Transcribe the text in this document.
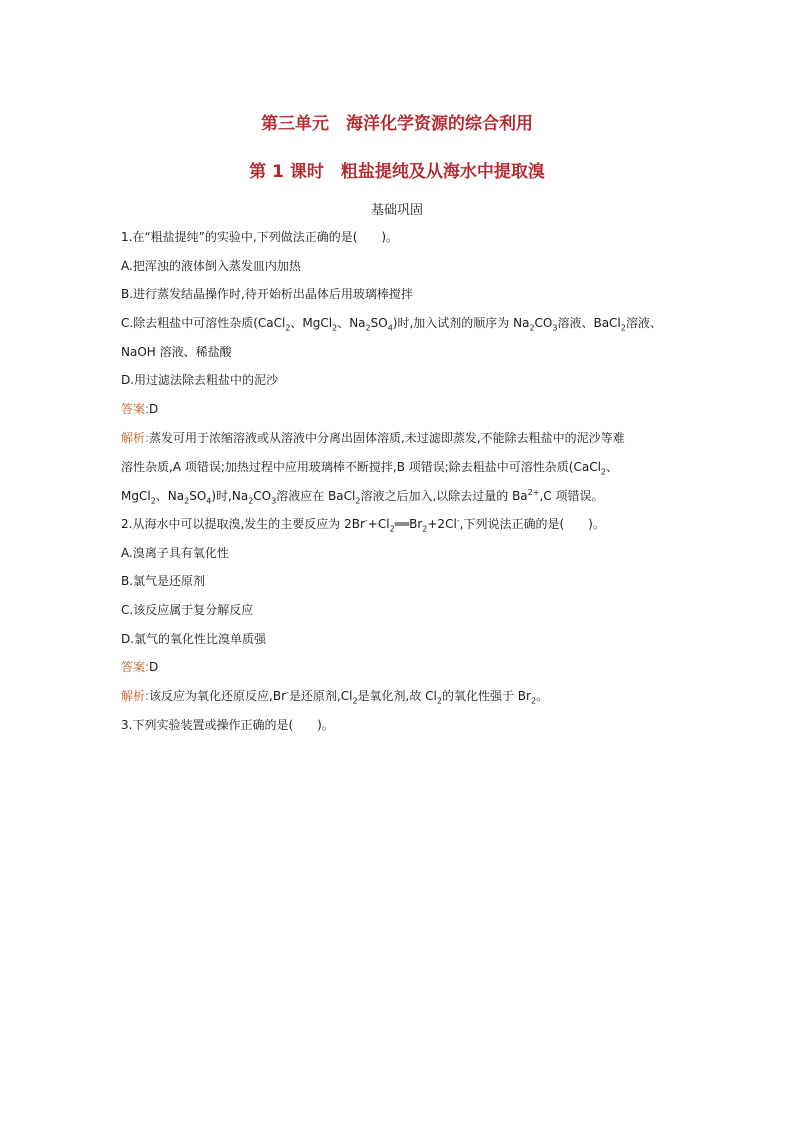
第三单元　海洋化学资源的综合利用
第 1 课时　粗盐提纯及从海水中提取溴
基础巩固
1.在“粗盐提纯”的实验中,下列做法正确的是(　　)。
A.把浑浊的液体倒入蒸发皿内加热
B.进行蒸发结晶操作时,待开始析出晶体后用玻璃棒搅拌
C.除去粗盐中可溶性杂质(CaCl$_2$、MgCl$_2$、$Na_2SO_4$)时,加入试剂的顺序为 $Na_2CO_3$溶液、BaCl$_2$溶液、
NaOH 溶液、稀盐酸
D.用过滤法除去粗盐中的泥沙
答案:D
解析:蒸发可用于浓缩溶液或从溶液中分离出固体溶质,未过滤即蒸发,不能除去粗盐中的泥沙等难
溶性杂质,A 项错误;加热过程中应用玻璃棒不断搅拌,B 项错误;除去粗盐中可溶性杂质(CaCl$_2$、
MgCl$_2$、$Na_2SO_4$)时$,Na_2CO_3$溶液应在 BaCl$_2$溶液之后加入,以除去过量的 $Ba^{2+},C$ 项错误。
2.从海水中可以提取溴,发生的主要反应为 $2Br^-+Cl_2══Br_2+2Cl^-$,下列说法正确的是(　　)。
A.溴离子具有氧化性
B.氯气是还原剂
C.该反应属于复分解反应
D.氯气的氧化性比溴单质强
答案:D
解析:该反应为氧化还原反应,Br-是还原剂$,Cl_2$是氧化剂,故 $Cl_2$的氧化性强于 $Br_2$。
3.下列实验装置或操作正确的是(　　)。
